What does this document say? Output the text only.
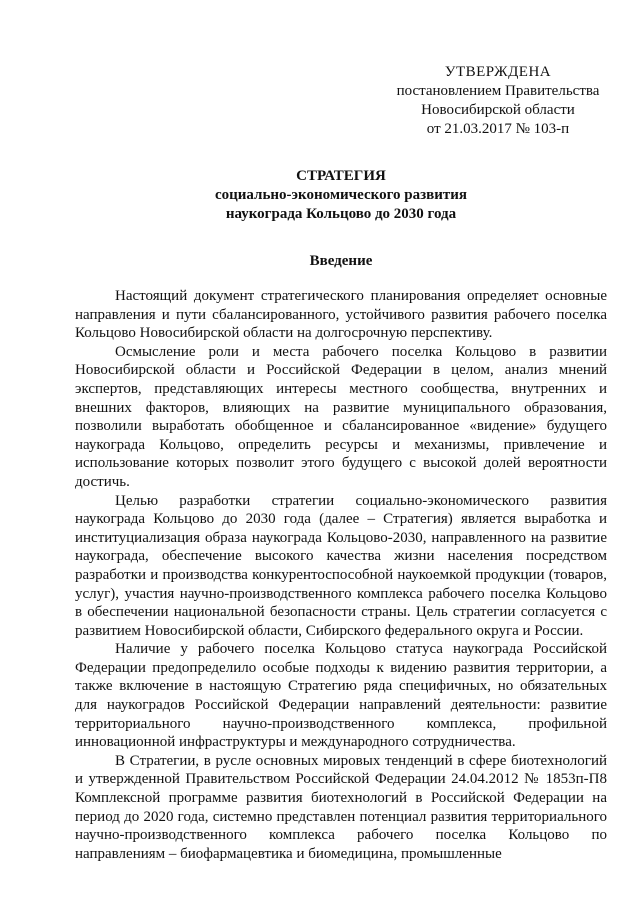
УТВЕРЖДЕНА
постановлением Правительства
Новосибирской области
от 21.03.2017 № 103-п
СТРАТЕГИЯ
социально-экономического развития
наукограда Кольцово до 2030 года
Введение

Настоящий документ стратегического планирования определяет основные направления и пути сбалансированного, устойчивого развития рабочего поселка Кольцово Новосибирской области на долгосрочную перспективу.

Осмысление роли и места рабочего поселка Кольцово в развитии Новосибирской области и Российской Федерации в целом, анализ мнений экспертов, представляющих интересы местного сообщества, внутренних и внешних факторов, влияющих на развитие муниципального образования, позволили выработать обобщенное и сбалансированное «видение» будущего наукограда Кольцово, определить ресурсы и механизмы, привлечение и использование которых позволит этого будущего с высокой долей вероятности достичь.

Целью разработки стратегии социально-экономического развития наукограда Кольцово до 2030 года (далее – Стратегия) является выработка и институциализация образа наукограда Кольцово-2030, направленного на развитие наукограда, обеспечение высокого качества жизни населения посредством разработки и производства конкурентоспособной наукоемкой продукции (товаров, услуг), участия научно-производственного комплекса рабочего поселка Кольцово в обеспечении национальной безопасности страны. Цель стратегии согласуется с развитием Новосибирской области, Сибирского федерального округа и России.

Наличие у рабочего поселка Кольцово статуса наукограда Российской Федерации предопределило особые подходы к видению развития территории, а также включение в настоящую Стратегию ряда специфичных, но обязательных для наукоградов Российской Федерации направлений деятельности: развитие территориального научно-производственного комплекса, профильной инновационной инфраструктуры и международного сотрудничества.

В Стратегии, в русле основных мировых тенденций в сфере биотехнологий и утвержденной Правительством Российской Федерации 24.04.2012 № 1853п-П8 Комплексной программе развития биотехнологий в Российской Федерации на период до 2020 года, системно представлен потенциал развития территориального научно-производственного комплекса рабочего поселка Кольцово по направлениям – биофармацевтика и биомедицина, промышленные
